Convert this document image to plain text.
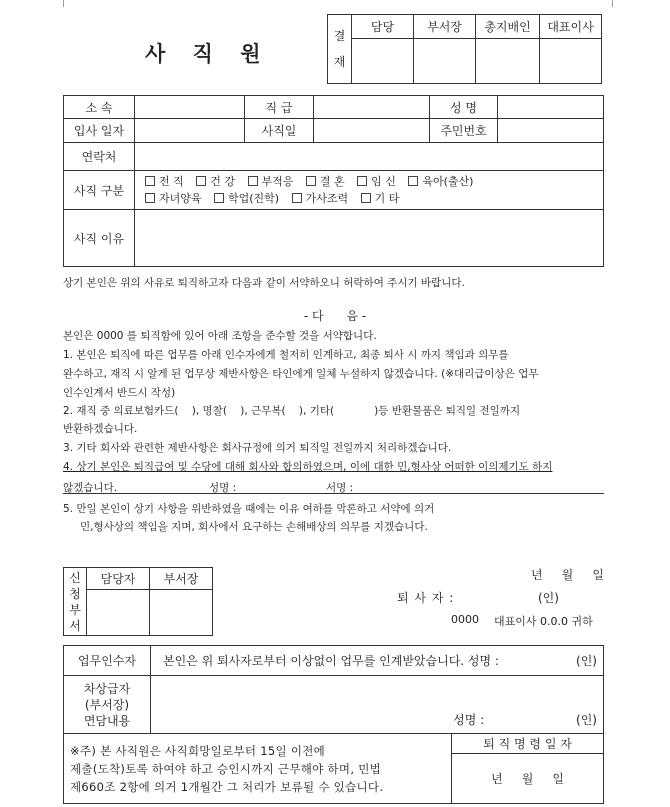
사 직 원
결
재	담당	부서장	총지배인	대표이사

소 속		직 급		성 명	
입사 일자		사직일		주민번호	
연락처					
사직 구분	전 직 건 강 부적응 결 혼 임 신 육아(출산)
자녀양육 학업(진학) 가사조력 기 타				

사직 이유					
상기 본인은 위의 사유로 퇴직하고자 다음과 같이 서약하오니 허락하여 주시기 바랍니다.
- 다      음 -
본인은 0000 를 퇴직함에 있어 아래 조항을 준수할 것을 서약합니다.
1. 본인은 퇴직에 따른 업무를 아래 인수자에게 철저히 인계하고, 최종 퇴사 시 까지 책임과 의무를
완수하고, 재직 시 알게 된 업무상 제반사항은 타인에게 일체 누설하지 않겠습니다. (※대리급이상은 업무
인수인계서 반드시 작성)
2. 재직 중 의료보험카드(    ), 명찰(    ), 근무복(    ), 기타(            )등 반환물품은 퇴직일 전일까지
반환하겠습니다.
3. 기타 회사와 관련한 제반사항은 회사규정에 의거 퇴직일 전일까지 처리하겠습니다.
4. 상기 본인은 퇴직급여 및 수당에 대해 회사와 합의하였으며, 이에 대한 민,형사상 어떠한 이의제기도 하지
않겠습니다.	성명 :	서명 :
5. 만일 본인이 상기 사항을 위반하였을 때에는 이유 여하를 막론하고 서약에 의거
민,형사상의 책임을 지며, 회사에서 요구하는 손해배상의 의무를 지겠습니다.
신
청
부
서	담당자	부서장
		년     월     일
퇴 사 자 :	(인)
0000 대표이사 0.0.0 귀하
업무인수자	본인은 위 퇴사자로부터 이상없이 업무를 인계받았습니다. 성명 : (인)

차상급자
(부서장)
면담내용	성명 : (인)
※주) 본 사직원은 사직희망일로부터 15일 이전에
제출(도착)토록 하여야 하고 승인시까지 근무해야 하며, 민법
제660조 2항에 의거 1개월간 그 처리가 보류될 수 있습니다.
	퇴 직 명 령 일 자
년     월     일
